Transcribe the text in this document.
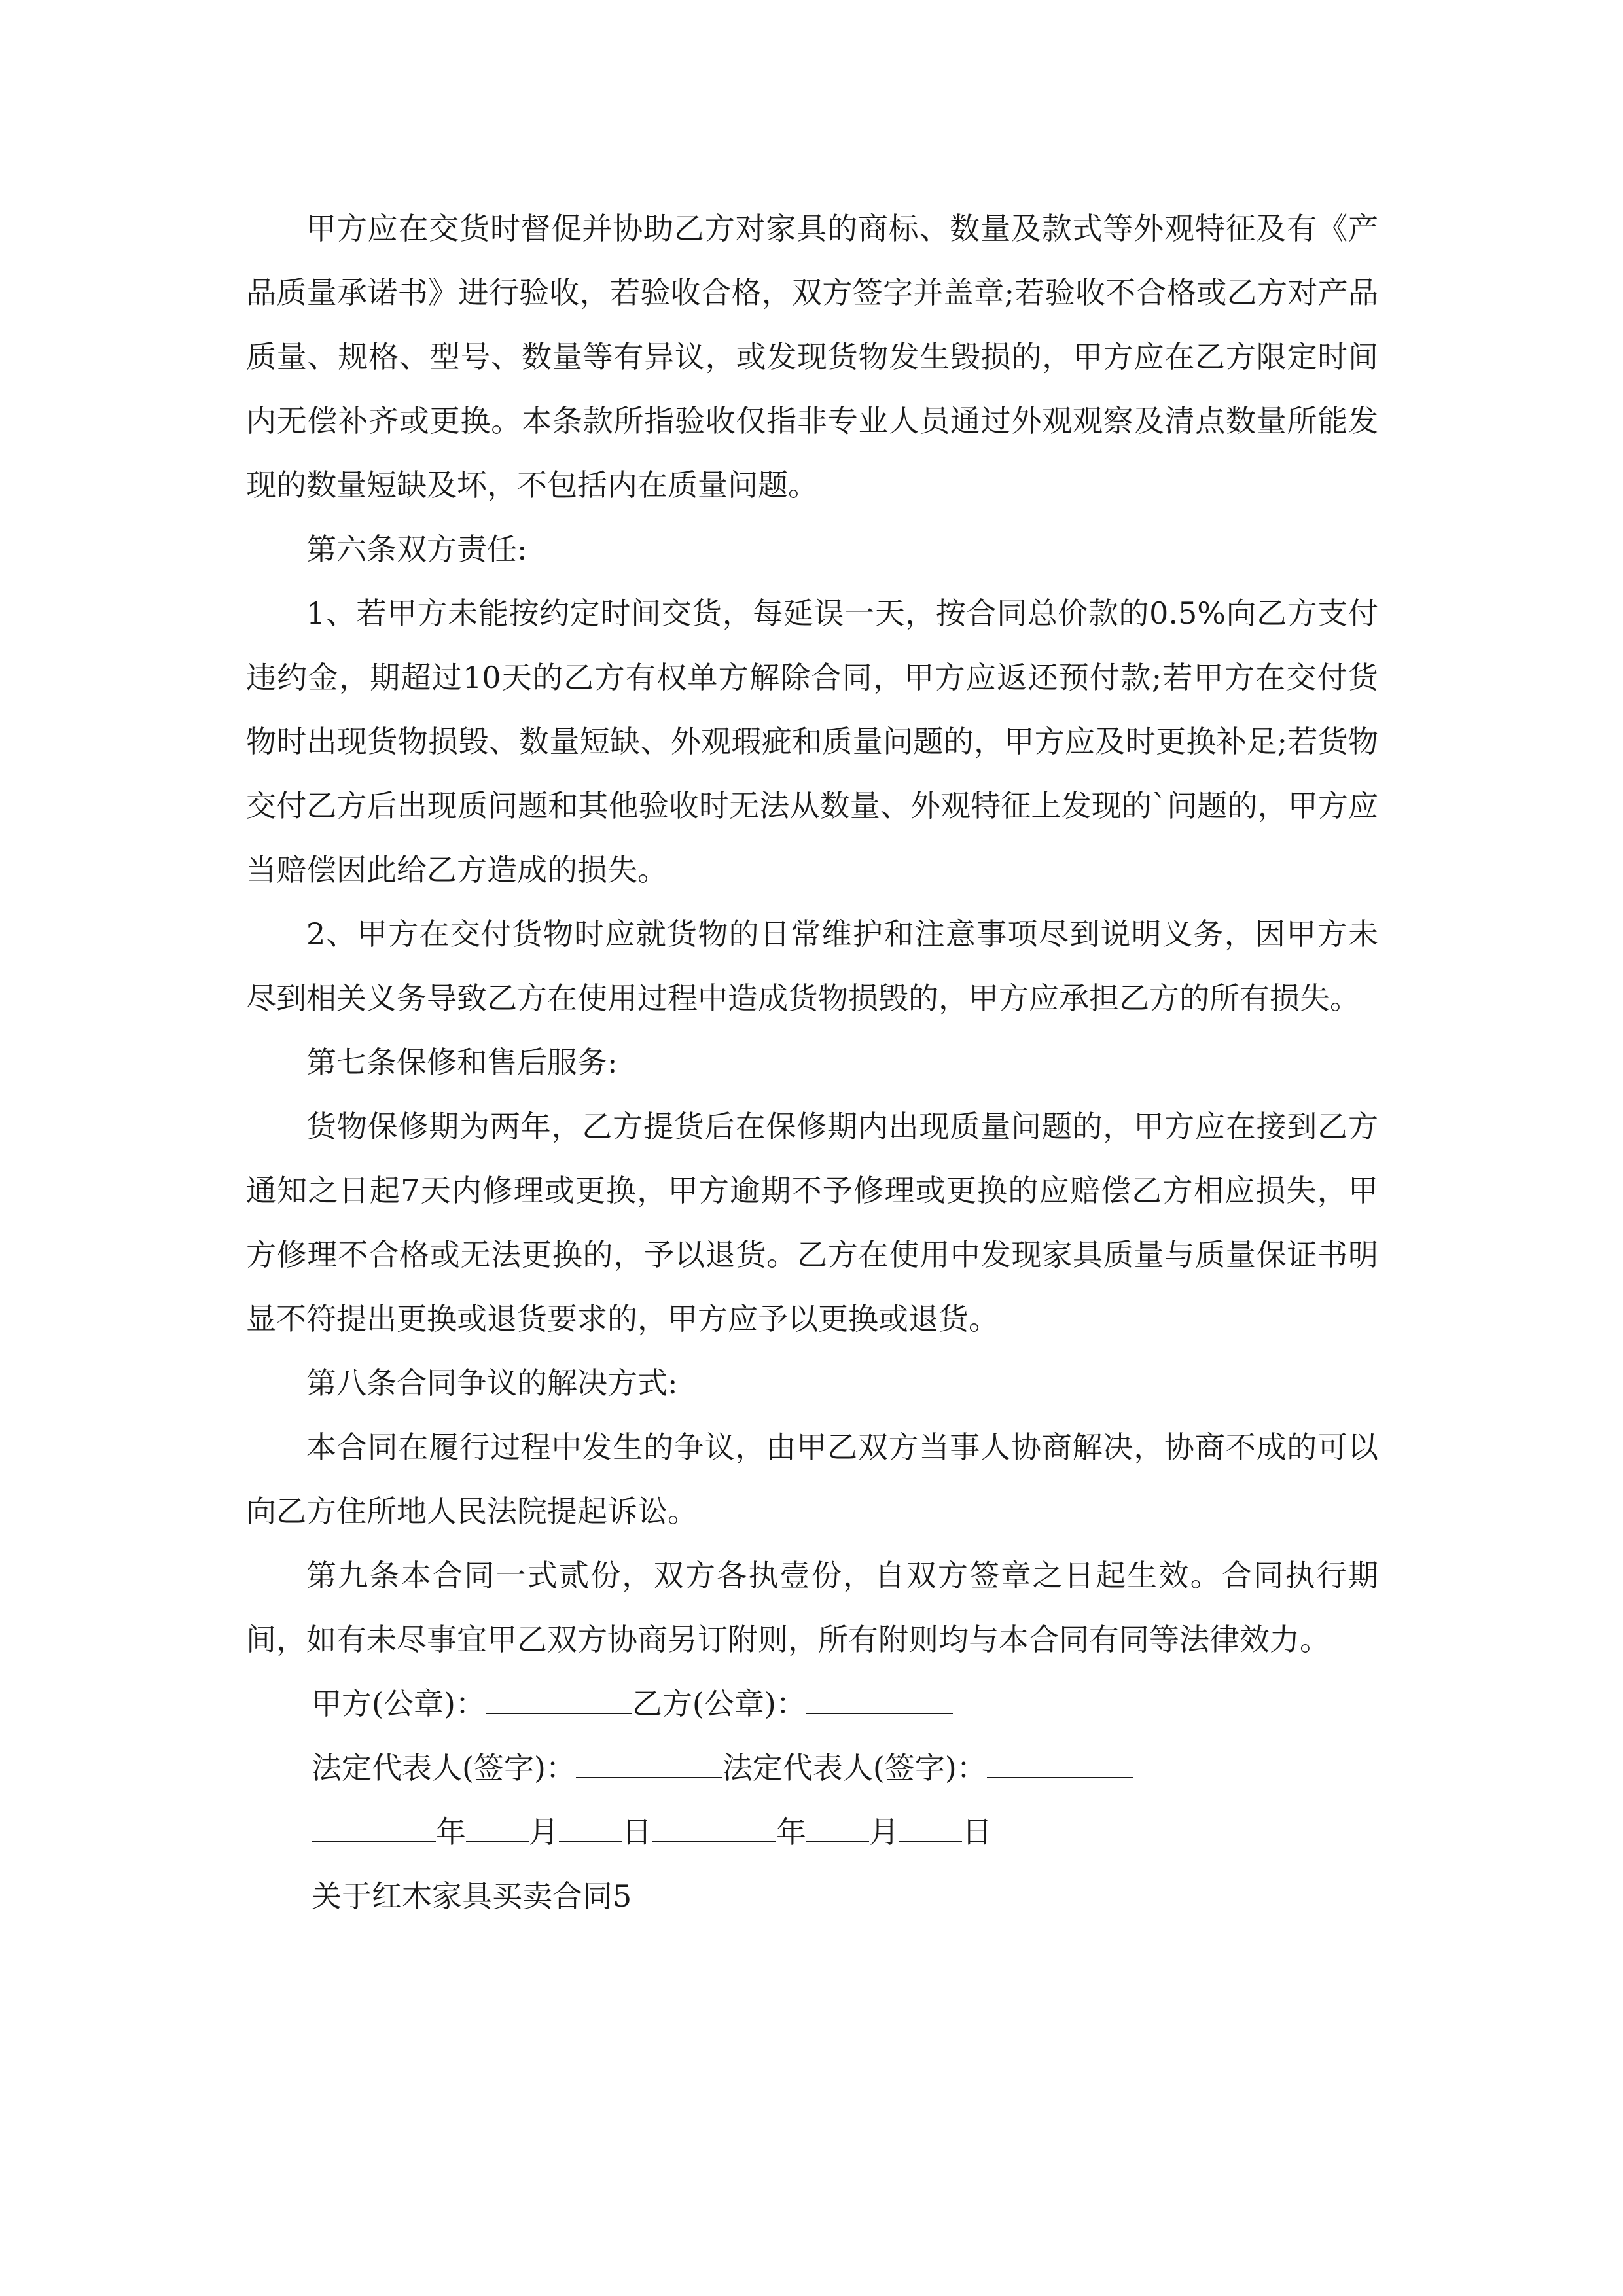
甲方应在交货时督促并协助乙方对家具的商标、数量及款式等外观特征及有《产品质量承诺书》进行验收，若验收合格，双方签字并盖章;若验收不合格或乙方对产品质量、规格、型号、数量等有异议，或发现货物发生毁损的，甲方应在乙方限定时间内无偿补齐或更换。本条款所指验收仅指非专业人员通过外观观察及清点数量所能发现的数量短缺及坏，不包括内在质量问题。

第六条双方责任:

1、若甲方未能按约定时间交货，每延误一天，按合同总价款的0.5%向乙方支付违约金，期超过10天的乙方有权单方解除合同，甲方应返还预付款;若甲方在交付货物时出现货物损毁、数量短缺、外观瑕疵和质量问题的，甲方应及时更换补足;若货物交付乙方后出现质问题和其他验收时无法从数量、外观特征上发现的`问题的，甲方应当赔偿因此给乙方造成的损失。

2、甲方在交付货物时应就货物的日常维护和注意事项尽到说明义务，因甲方未尽到相关义务导致乙方在使用过程中造成货物损毁的，甲方应承担乙方的所有损失。

第七条保修和售后服务:

货物保修期为两年，乙方提货后在保修期内出现质量问题的，甲方应在接到乙方通知之日起7天内修理或更换，甲方逾期不予修理或更换的应赔偿乙方相应损失，甲方修理不合格或无法更换的，予以退货。乙方在使用中发现家具质量与质量保证书明显不符提出更换或退货要求的，甲方应予以更换或退货。

第八条合同争议的解决方式:

本合同在履行过程中发生的争议，由甲乙双方当事人协商解决，协商不成的可以向乙方住所地人民法院提起诉讼。

第九条本合同一式贰份，双方各执壹份，自双方签章之日起生效。合同执行期间，如有未尽事宜甲乙双方协商另订附则，所有附则均与本合同有同等法律效力。

甲方(公章)：	乙方(公章)：

法定代表人(签字)：	法定代表人(签字)：

年 月 日	年 月 日

关于红木家具买卖合同5
